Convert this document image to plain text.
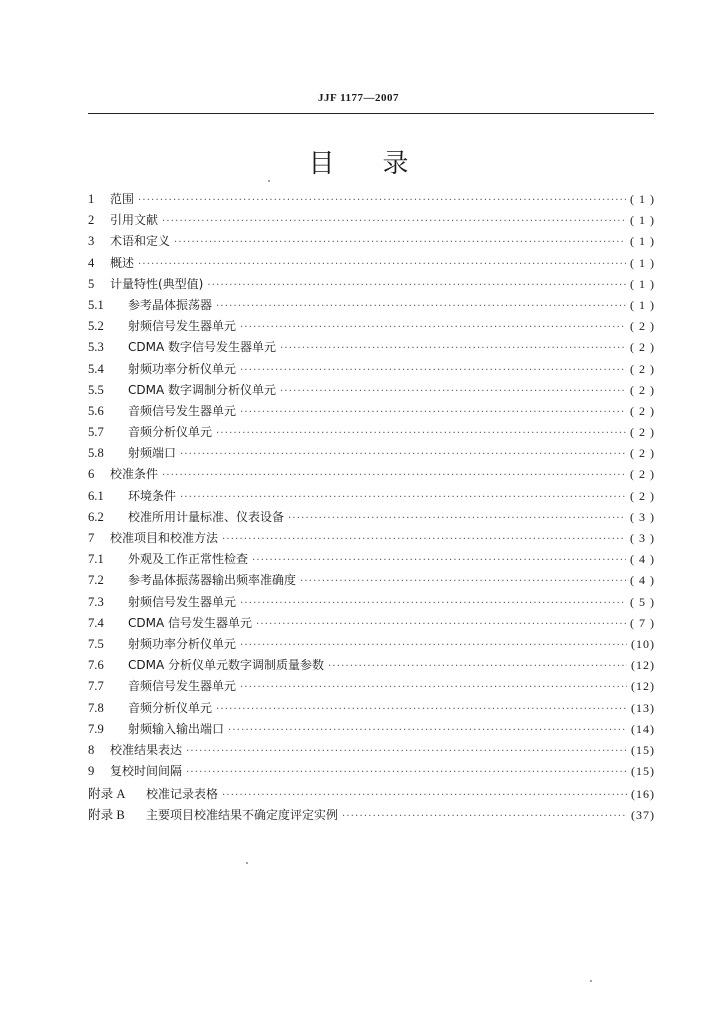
JJF 1177—2007
目 录
1	范围 ·····	( 1 )
2	引用文献 ·····	( 1 )
3	术语和定义 ·····	( 1 )
4	概述 ·····	( 1 )
5	计量特性(典型值) ·····	( 1 )
5.1	参考晶体振荡器 ·····	( 1 )
5.2	射频信号发生器单元 ·····	( 2 )
5.3	CDMA 数字信号发生器单元 ·····	( 2 )
5.4	射频功率分析仪单元 ·····	( 2 )
5.5	CDMA 数字调制分析仪单元 ·····	( 2 )
5.6	音频信号发生器单元 ·····	( 2 )
5.7	音频分析仪单元 ·····	( 2 )
5.8	射频端口 ·····	( 2 )
6	校准条件 ·····	( 2 )
6.1	环境条件 ·····	( 2 )
6.2	校准所用计量标准、仪表设备 ·····	( 3 )
7	校准项目和校准方法 ·····	( 3 )
7.1	外观及工作正常性检查 ·····	( 4 )
7.2	参考晶体振荡器输出频率准确度 ·····	( 4 )
7.3	射频信号发生器单元 ·····	( 5 )
7.4	CDMA 信号发生器单元 ·····	( 7 )
7.5	射频功率分析仪单元 ·····	(10)
7.6	CDMA 分析仪单元数字调制质量参数 ·····	(12)
7.7	音频信号发生器单元 ·····	(12)
7.8	音频分析仪单元 ·····	(13)
7.9	射频输入输出端口 ·····	(14)
8	校准结果表达 ·····	(15)
9	复校时间间隔 ·····	(15)
附录 A	校准记录表格 ·····	(16)
附录 B	主要项目校准结果不确定度评定实例 ·····	(37)
